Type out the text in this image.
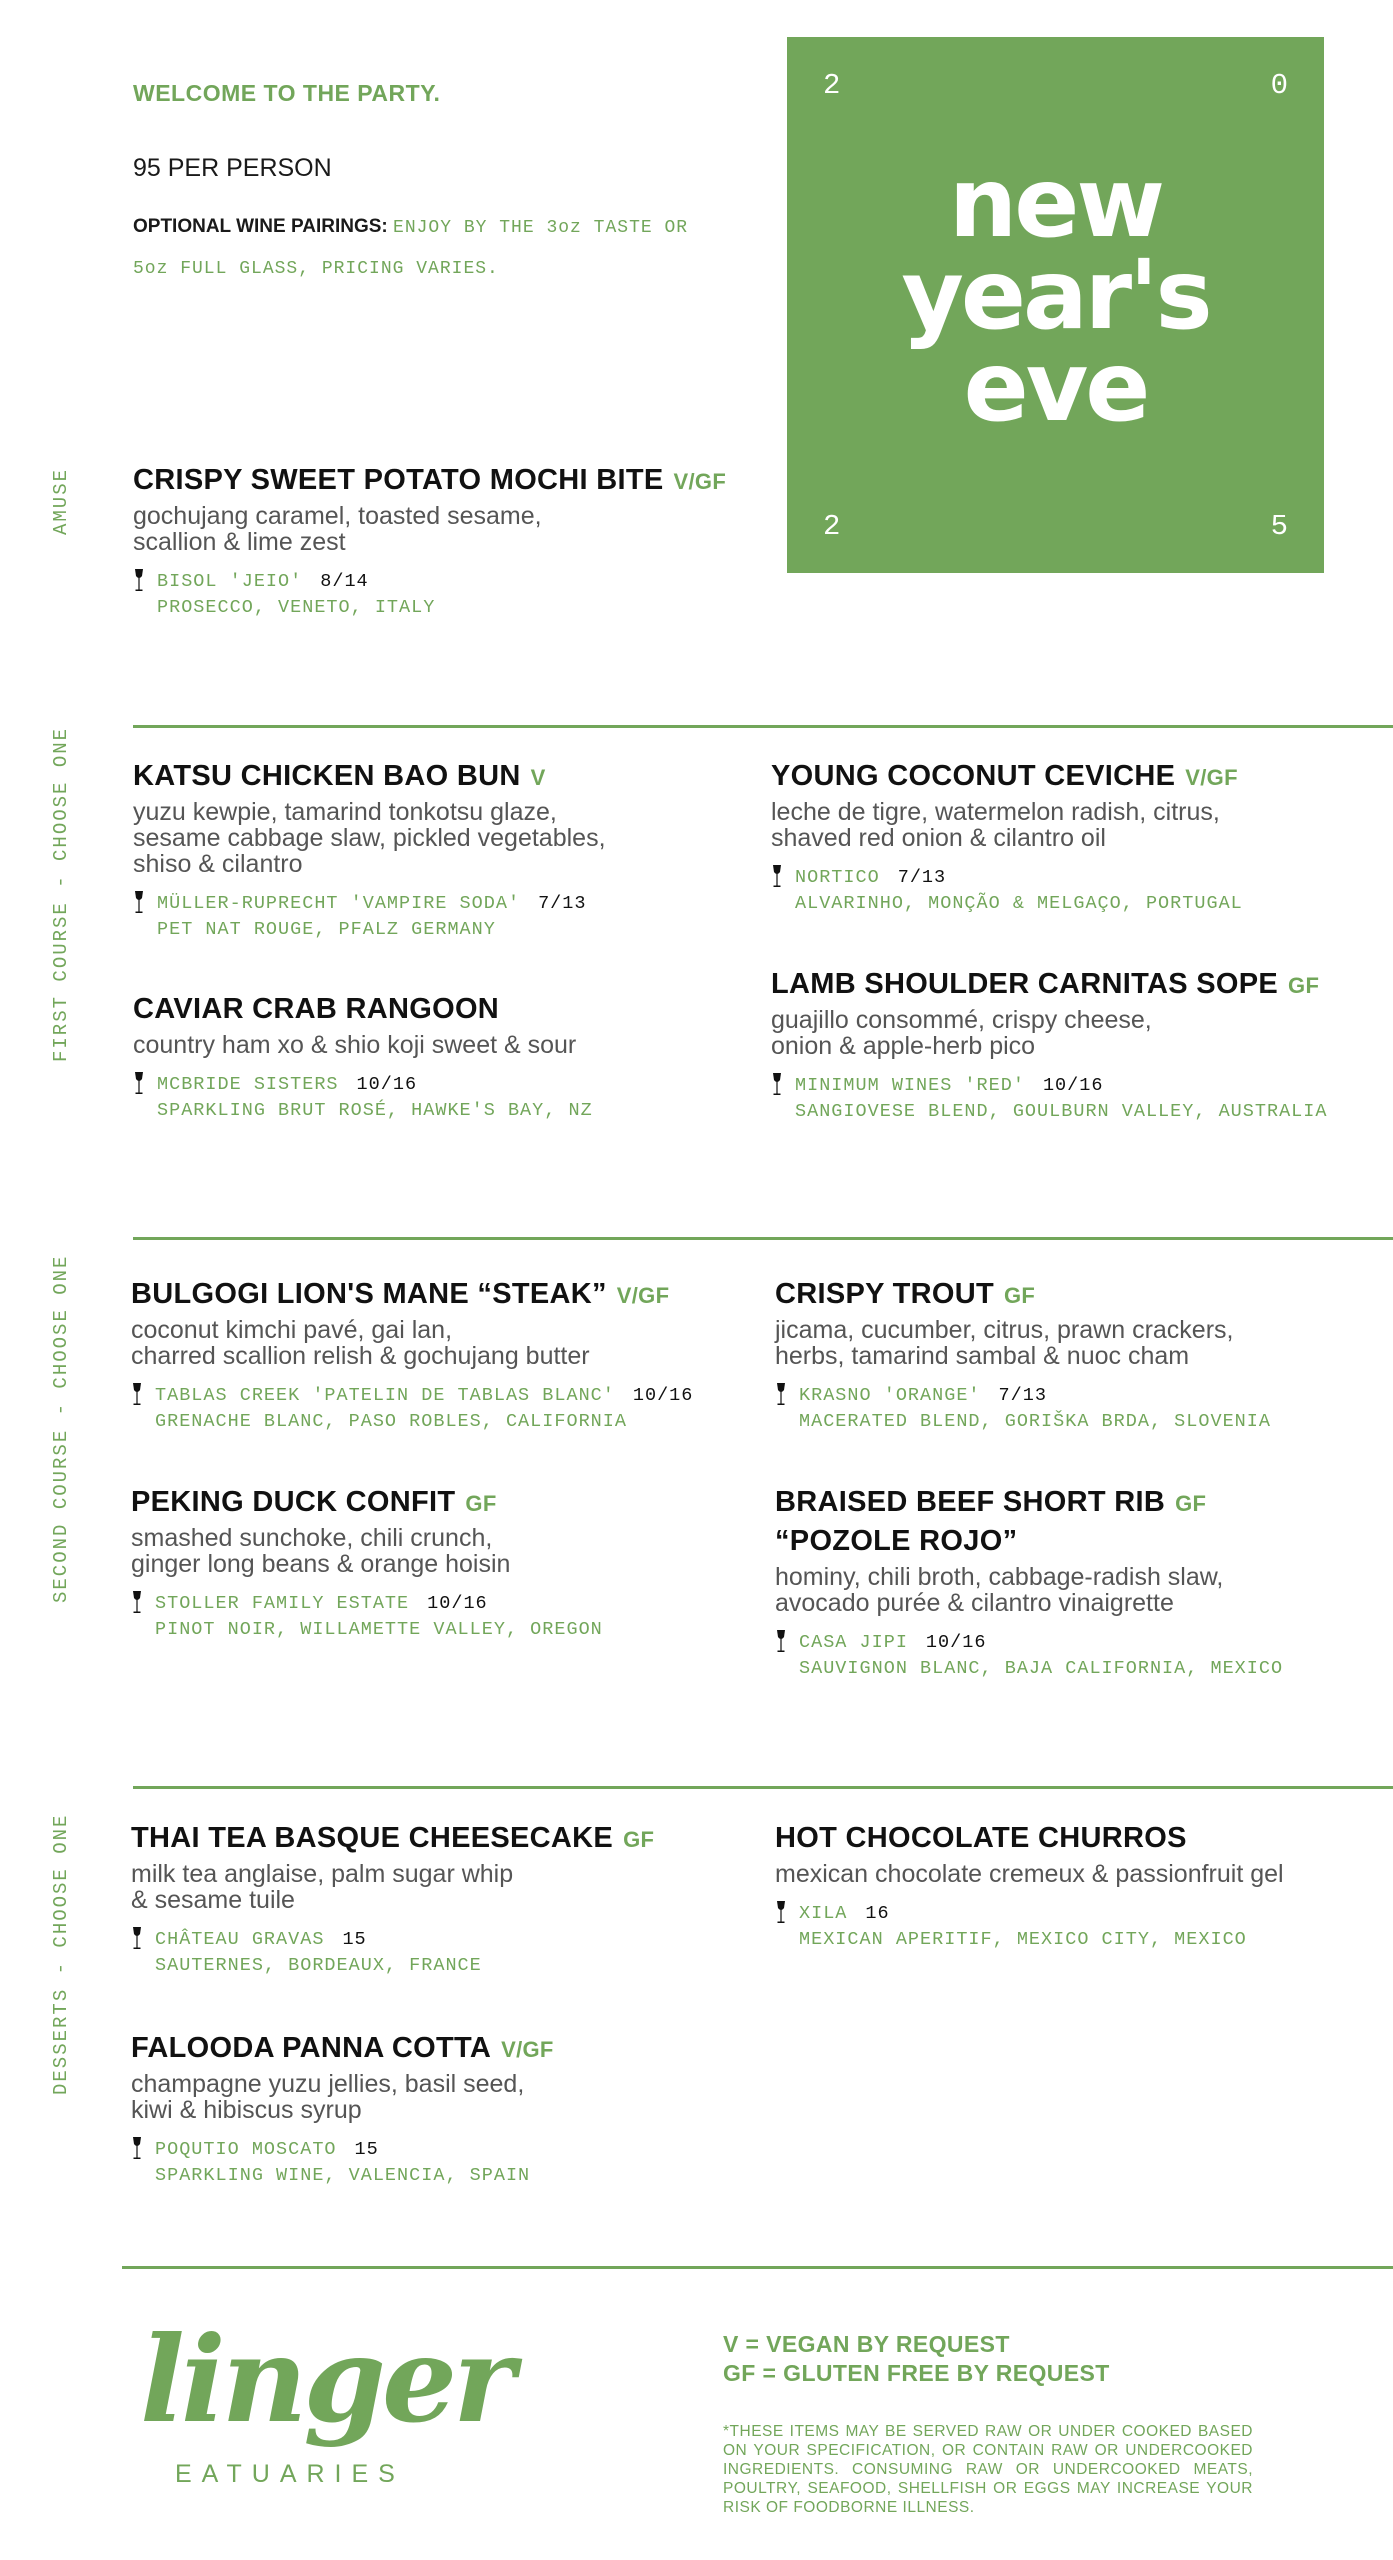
WELCOME TO THE PARTY.
95 PER PERSON
OPTIONAL WINE PAIRINGS: ENJOY BY THE 3oz TASTE OR 5oz FULL GLASS, PRICING VARIES.
2	0
2	5
new
year's
eve
AMUSE
FIRST COURSE - CHOOSE ONE
SECOND COURSE - CHOOSE ONE
DESSERTS - CHOOSE ONE
CRISPY SWEET POTATO MOCHI BITE V/GF
gochujang caramel, toasted sesame,
scallion & lime zest
BISOL 'JEIO' 8/14
PROSECCO, VENETO, ITALY
KATSU CHICKEN BAO BUN V
yuzu kewpie, tamarind tonkotsu glaze,
sesame cabbage slaw, pickled vegetables,
shiso & cilantro
MÜLLER-RUPRECHT 'VAMPIRE SODA' 7/13
PET NAT ROUGE, PFALZ GERMANY
YOUNG COCONUT CEVICHE V/GF
leche de tigre, watermelon radish, citrus,
shaved red onion & cilantro oil
NORTICO 7/13
ALVARINHO, MONÇÃO & MELGAÇO, PORTUGAL
CAVIAR CRAB RANGOON
country ham xo & shio koji sweet & sour
MCBRIDE SISTERS 10/16
SPARKLING BRUT ROSÉ, HAWKE'S BAY, NZ
LAMB SHOULDER CARNITAS SOPE GF
guajillo consommé, crispy cheese,
onion & apple-herb pico
MINIMUM WINES 'RED' 10/16
SANGIOVESE BLEND, GOULBURN VALLEY, AUSTRALIA
BULGOGI LION'S MANE “STEAK” V/GF
coconut kimchi pavé, gai lan,
charred scallion relish & gochujang butter
TABLAS CREEK 'PATELIN DE TABLAS BLANC' 10/16
GRENACHE BLANC, PASO ROBLES, CALIFORNIA
CRISPY TROUT GF
jicama, cucumber, citrus, prawn crackers,
herbs, tamarind sambal & nuoc cham
KRASNO 'ORANGE' 7/13
MACERATED BLEND, GORIŠKA BRDA, SLOVENIA
PEKING DUCK CONFIT GF
smashed sunchoke, chili crunch,
ginger long beans & orange hoisin
STOLLER FAMILY ESTATE 10/16
PINOT NOIR, WILLAMETTE VALLEY, OREGON
BRAISED BEEF SHORT RIB GF
“POZOLE ROJO”
hominy, chili broth, cabbage-radish slaw,
avocado purée & cilantro vinaigrette
CASA JIPI 10/16
SAUVIGNON BLANC, BAJA CALIFORNIA, MEXICO
THAI TEA BASQUE CHEESECAKE GF
milk tea anglaise, palm sugar whip
& sesame tuile
CHÂTEAU GRAVAS 15
SAUTERNES, BORDEAUX, FRANCE
HOT CHOCOLATE CHURROS
mexican chocolate cremeux & passionfruit gel
XILA 16
MEXICAN APERITIF, MEXICO CITY, MEXICO
FALOODA PANNA COTTA V/GF
champagne yuzu jellies, basil seed,
kiwi & hibiscus syrup
POQUTIO MOSCATO 15
SPARKLING WINE, VALENCIA, SPAIN
linger
EATUARIES
V = VEGAN BY REQUEST
GF = GLUTEN FREE BY REQUEST
*THESE ITEMS MAY BE SERVED RAW OR UNDER COOKED BASED ON YOUR SPECIFICATION, OR CONTAIN RAW OR UNDERCOOKED INGREDIENTS. CONSUMING RAW OR UNDERCOOKED MEATS, POULTRY, SEAFOOD, SHELLFISH OR EGGS MAY INCREASE YOUR RISK OF FOODBORNE ILLNESS.
